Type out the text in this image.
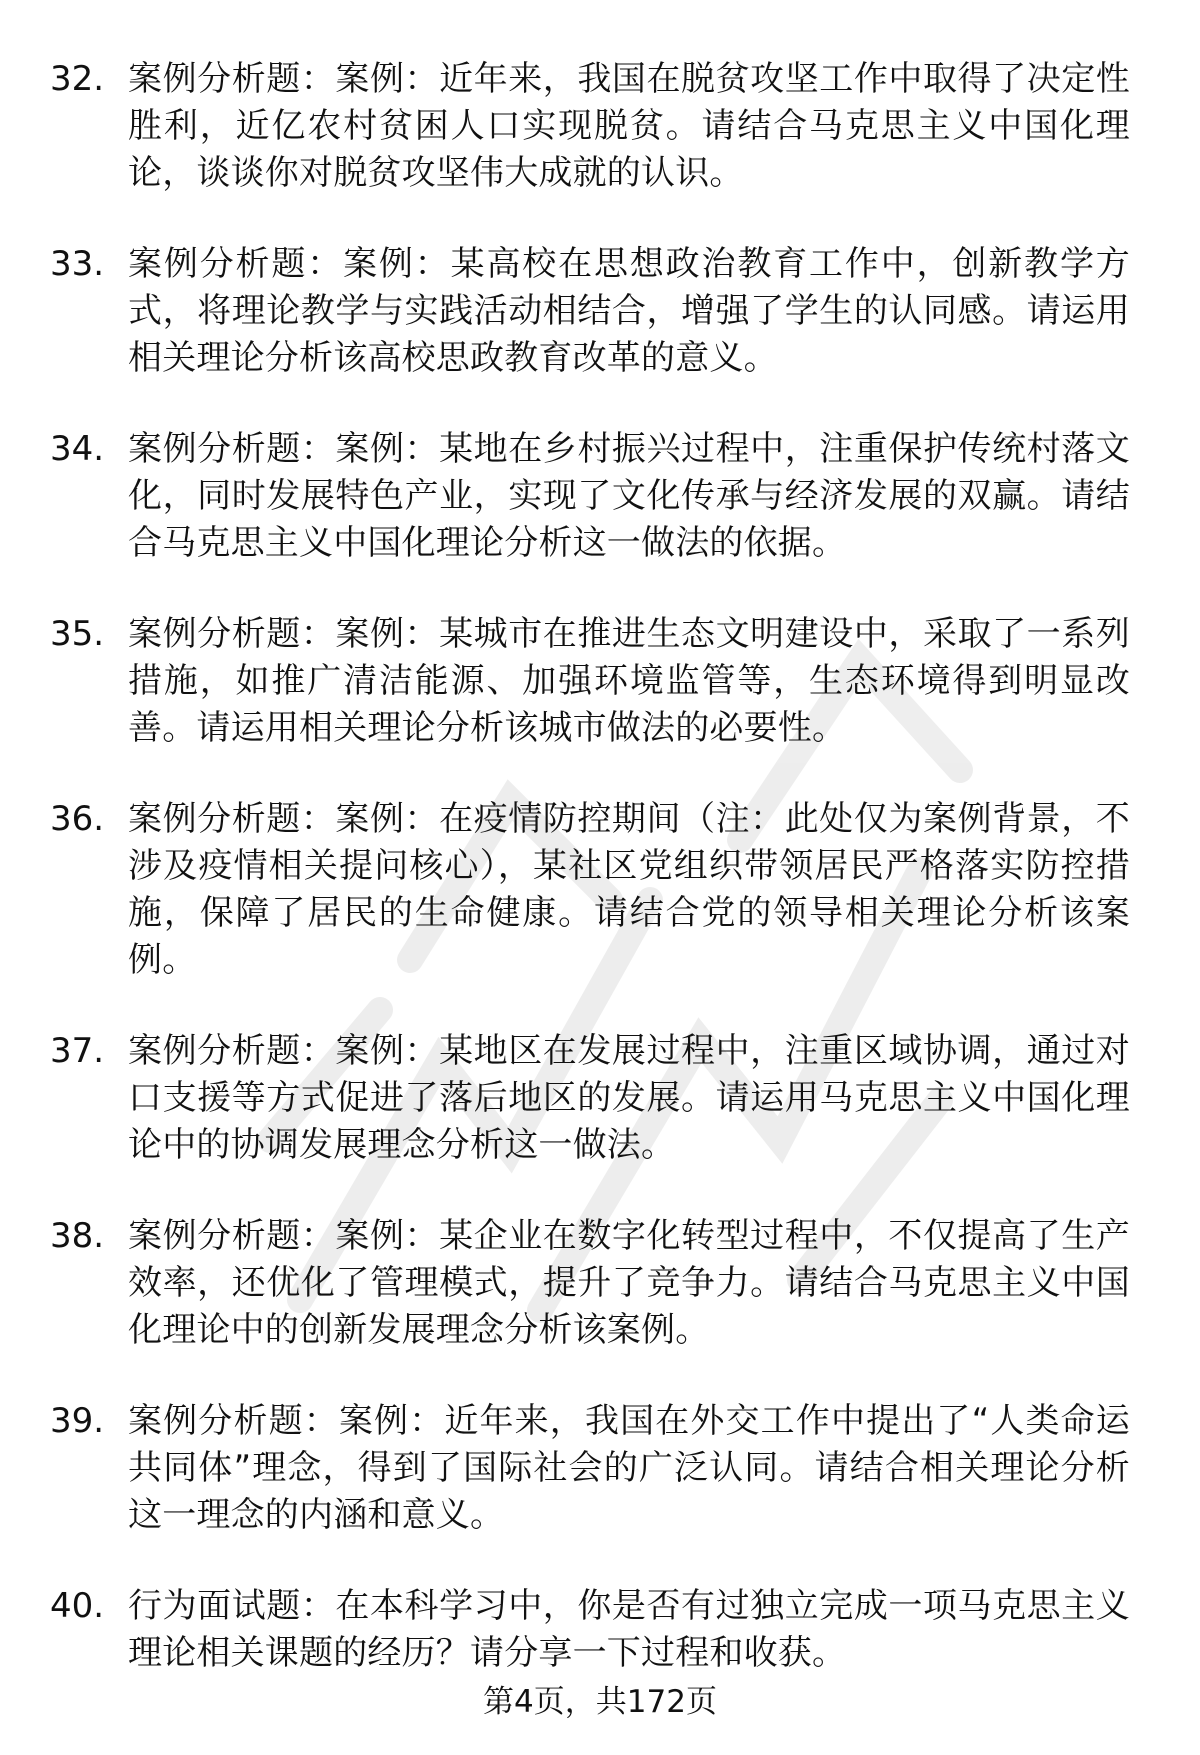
32. 案例分析题：案例：近年来，我国在脱贫攻坚工作中取得了决定性胜利，近亿农村贫困人口实现脱贫。请结合马克思主义中国化理论，谈谈你对脱贫攻坚伟大成就的认识。
33. 案例分析题：案例：某高校在思想政治教育工作中，创新教学方式，将理论教学与实践活动相结合，增强了学生的认同感。请运用相关理论分析该高校思政教育改革的意义。
34. 案例分析题：案例：某地在乡村振兴过程中，注重保护传统村落文化，同时发展特色产业，实现了文化传承与经济发展的双赢。请结合马克思主义中国化理论分析这一做法的依据。
35. 案例分析题：案例：某城市在推进生态文明建设中，采取了一系列措施，如推广清洁能源、加强环境监管等，生态环境得到明显改善。请运用相关理论分析该城市做法的必要性。
36. 案例分析题：案例：在疫情防控期间（注：此处仅为案例背景，不涉及疫情相关提问核心），某社区党组织带领居民严格落实防控措施，保障了居民的生命健康。请结合党的领导相关理论分析该案例。
37. 案例分析题：案例：某地区在发展过程中，注重区域协调，通过对口支援等方式促进了落后地区的发展。请运用马克思主义中国化理论中的协调发展理念分析这一做法。
38. 案例分析题：案例：某企业在数字化转型过程中，不仅提高了生产效率，还优化了管理模式，提升了竞争力。请结合马克思主义中国化理论中的创新发展理念分析该案例。
39. 案例分析题：案例：近年来，我国在外交工作中提出了“人类命运共同体”理念，得到了国际社会的广泛认同。请结合相关理论分析这一理念的内涵和意义。
40. 行为面试题：在本科学习中，你是否有过独立完成一项马克思主义理论相关课题的经历？请分享一下过程和收获。
第4页，共172页
